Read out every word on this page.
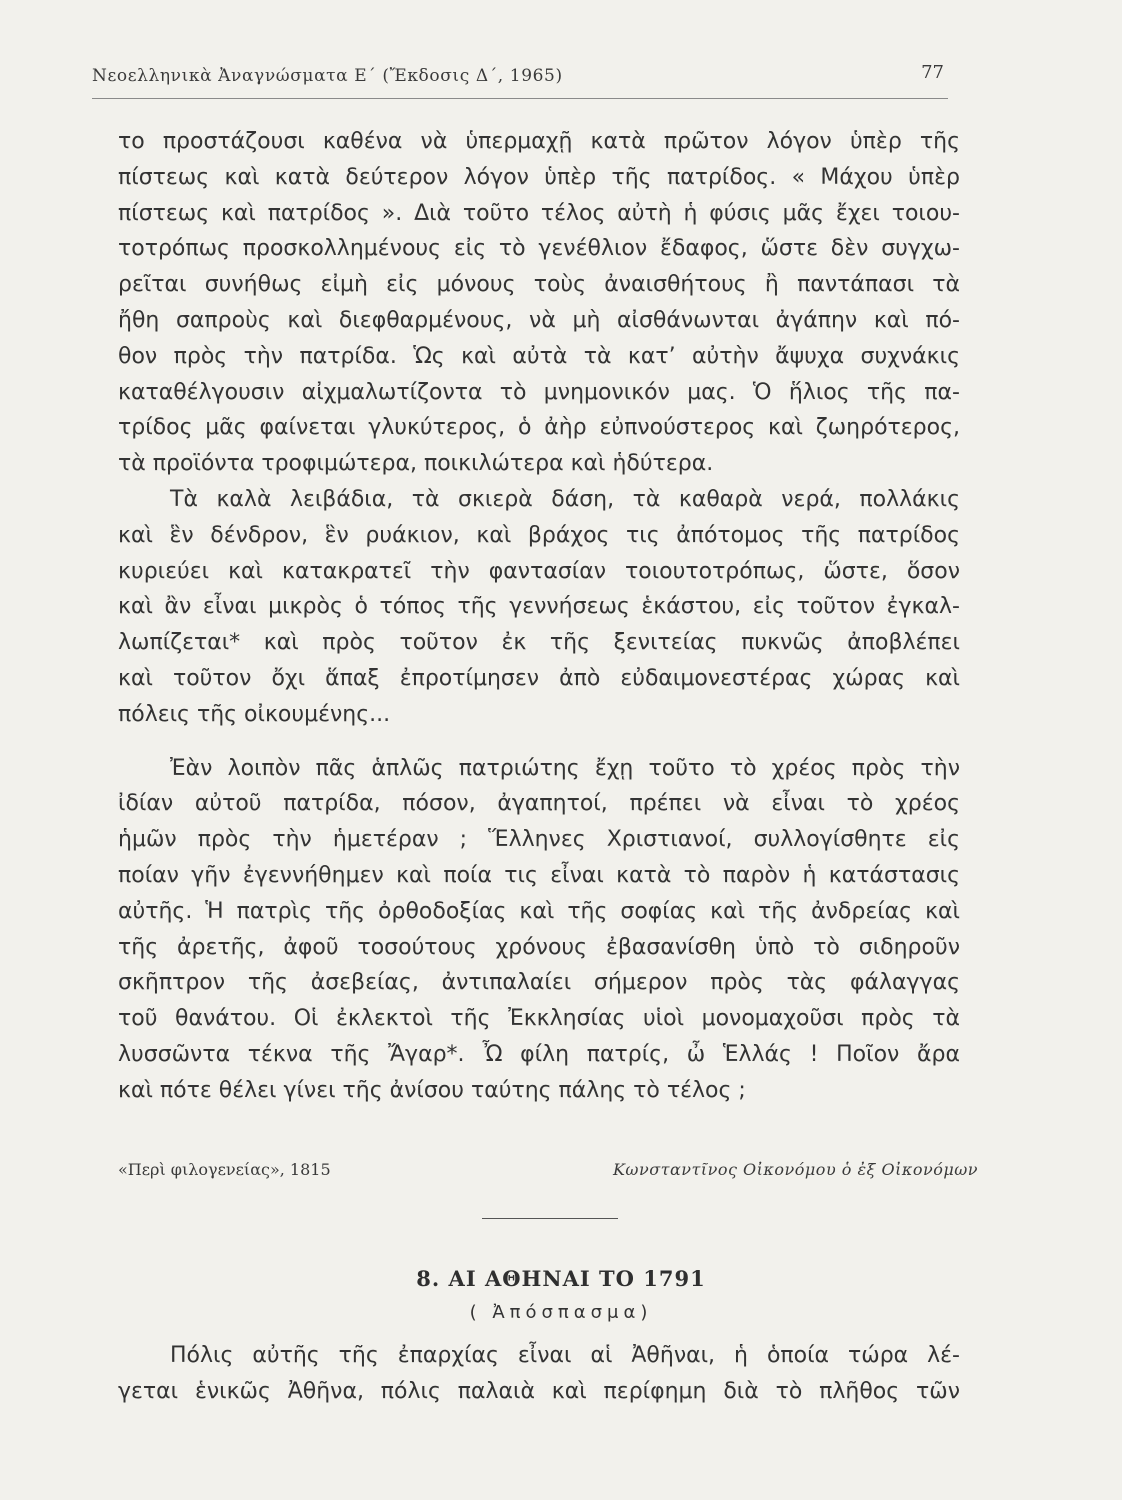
Νεοελληνικὰ Ἀναγνώσματα Ε΄ (Ἔκδοσις Δ΄, 1965)	77
το προστάζουσι καθένα νὰ ὑπερμαχῇ κατὰ πρῶτον λόγον ὑπὲρ τῆς
πίστεως καὶ κατὰ δεύτερον λόγον ὑπὲρ τῆς πατρίδος. « Μάχου ὑπὲρ
πίστεως καὶ πατρίδος ». Διὰ τοῦτο τέλος αὐτὴ ἡ φύσις μᾶς ἔχει τοιου-
τοτρόπως προσκολλημένους εἰς τὸ γενέθλιον ἔδαφος, ὥστε δὲν συγχω-
ρεῖται συνήθως εἰμὴ εἰς μόνους τοὺς ἀναισθήτους ἢ παντάπασι τὰ
ἤθη σαπροὺς καὶ διεφθαρμένους, νὰ μὴ αἰσθάνωνται ἀγάπην καὶ πό-
θον πρὸς τὴν πατρίδα. Ὡς καὶ αὐτὰ τὰ κατ’ αὐτὴν ἄψυχα συχνάκις
καταθέλγουσιν αἰχμαλωτίζοντα τὸ μνημονικόν μας. Ὁ ἥλιος τῆς πα-
τρίδος μᾶς φαίνεται γλυκύτερος, ὁ ἀὴρ εὐπνούστερος καὶ ζωηρότερος,
τὰ προϊόντα τροφιμώτερα, ποικιλώτερα καὶ ἡδύτερα.
Τὰ καλὰ λειβάδια, τὰ σκιερὰ δάση, τὰ καθαρὰ νερά, πολλάκις
καὶ ἓν δένδρον, ἓν ρυάκιον, καὶ βράχος τις ἀπότομος τῆς πατρίδος
κυριεύει καὶ κατακρατεῖ τὴν φαντασίαν τοιουτοτρόπως, ὥστε, ὅσον
καὶ ἂν εἶναι μικρὸς ὁ τόπος τῆς γεννήσεως ἑκάστου, εἰς τοῦτον ἐγκαλ-
λωπίζεται* καὶ πρὸς τοῦτον ἐκ τῆς ξενιτείας πυκνῶς ἀποβλέπει
καὶ τοῦτον ὄχι ἅπαξ ἐπροτίμησεν ἀπὸ εὐδαιμονεστέρας χώρας καὶ
πόλεις τῆς οἰκουμένης...
Ἐὰν λοιπὸν πᾶς ἁπλῶς πατριώτης ἔχῃ τοῦτο τὸ χρέος πρὸς τὴν
ἰδίαν αὐτοῦ πατρίδα, πόσον, ἀγαπητοί, πρέπει νὰ εἶναι τὸ χρέος
ἡμῶν πρὸς τὴν ἡμετέραν ; Ἕλληνες Χριστιανοί, συλλογίσθητε εἰς
ποίαν γῆν ἐγεννήθημεν καὶ ποία τις εἶναι κατὰ τὸ παρὸν ἡ κατάστασις
αὐτῆς. Ἡ πατρὶς τῆς ὀρθοδοξίας καὶ τῆς σοφίας καὶ τῆς ἀνδρείας καὶ
τῆς ἀρετῆς, ἀφοῦ τοσούτους χρόνους ἐβασανίσθη ὑπὸ τὸ σιδηροῦν
σκῆπτρον τῆς ἀσεβείας, ἀντιπαλαίει σήμερον πρὸς τὰς φάλαγγας
τοῦ θανάτου. Οἱ ἐκλεκτοὶ τῆς Ἐκκλησίας υἱοὶ μονομαχοῦσι πρὸς τὰ
λυσσῶντα τέκνα τῆς Ἄγαρ*. Ὦ φίλη πατρίς, ὦ Ἑλλάς ! Ποῖον ἄρα
καὶ πότε θέλει γίνει τῆς ἀνίσου ταύτης πάλης τὸ τέλος ;
«Περὶ φιλογενείας», 1815	Κωνσταντῖνος Οἰκονόμου ὁ ἐξ Οἰκονόμων
8. ΑΙ ΑΘΗΝΑΙ ΤΟ 1791
( Ἀπόσπασμα)
Πόλις αὐτῆς τῆς ἐπαρχίας εἶναι αἱ Ἀθῆναι, ἡ ὁποία τώρα λέ-
γεται ἑνικῶς Ἀθῆνα, πόλις παλαιὰ καὶ περίφημη διὰ τὸ πλῆθος τῶν
